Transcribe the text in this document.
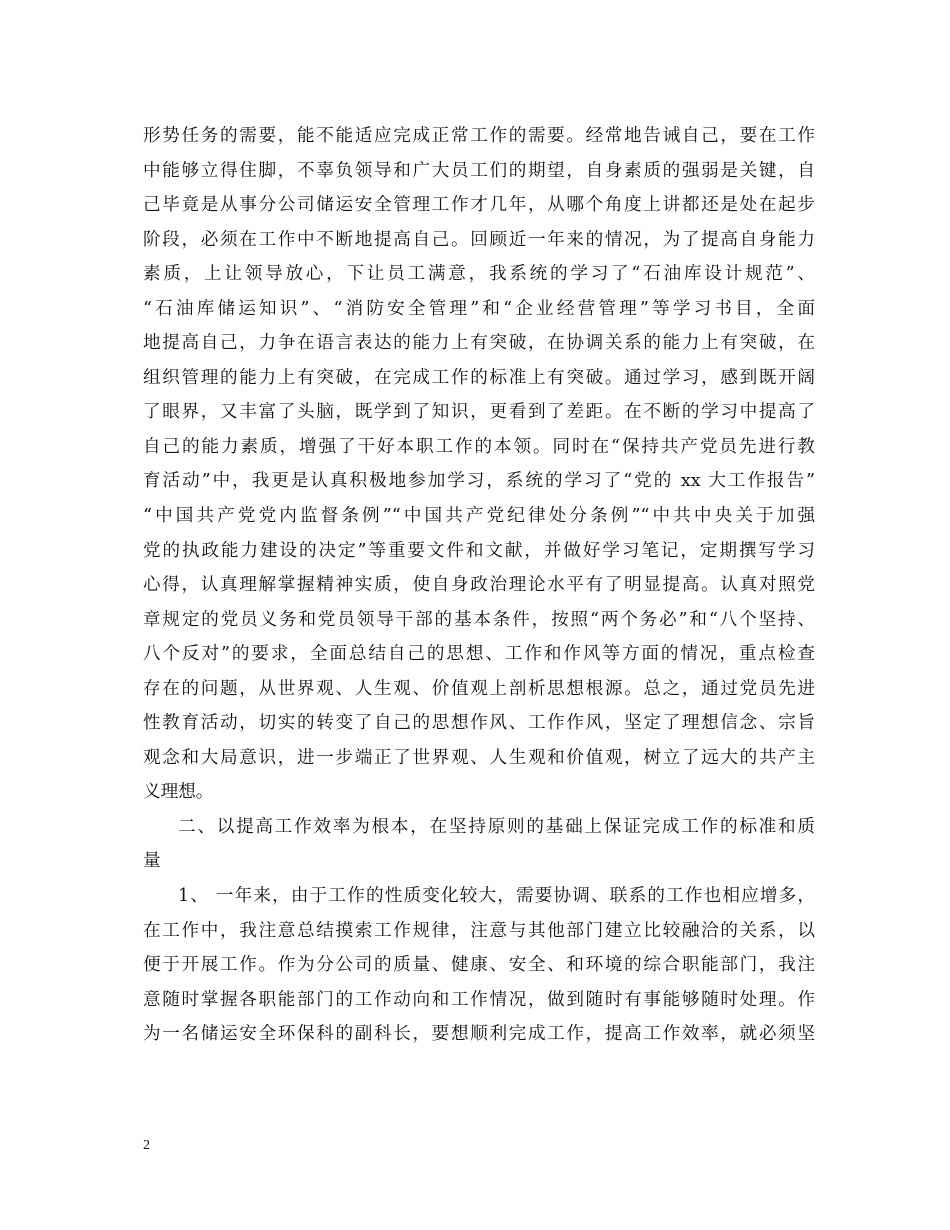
形势任务的需要，能不能适应完成正常工作的需要。经常地告诫自己，要在工作
中能够立得住脚，不辜负领导和广大员工们的期望，自身素质的强弱是关键，自
己毕竟是从事分公司储运安全管理工作才几年，从哪个角度上讲都还是处在起步
阶段，必须在工作中不断地提高自己。回顾近一年来的情况，为了提高自身能力
素质，上让领导放心，下让员工满意，我系统的学习了“石油库设计规范”、
“石油库储运知识”、“消防安全管理”和“企业经营管理”等学习书目，全面
地提高自己，力争在语言表达的能力上有突破，在协调关系的能力上有突破，在
组织管理的能力上有突破，在完成工作的标准上有突破。通过学习，感到既开阔
了眼界，又丰富了头脑，既学到了知识，更看到了差距。在不断的学习中提高了
自己的能力素质，增强了干好本职工作的本领。同时在“保持共产党员先进行教
育活动”中，我更是认真积极地参加学习，系统的学习了“党的 xx 大工作报告”
“中国共产党党内监督条例”“中国共产党纪律处分条例”“中共中央关于加强
党的执政能力建设的决定”等重要文件和文献，并做好学习笔记，定期撰写学习
心得，认真理解掌握精神实质，使自身政治理论水平有了明显提高。认真对照党
章规定的党员义务和党员领导干部的基本条件，按照“两个务必”和“八个坚持、
八个反对”的要求，全面总结自己的思想、工作和作风等方面的情况，重点检查
存在的问题，从世界观、人生观、价值观上剖析思想根源。总之，通过党员先进
性教育活动，切实的转变了自己的思想作风、工作作风，坚定了理想信念、宗旨
观念和大局意识，进一步端正了世界观、人生观和价值观，树立了远大的共产主
义理想。
二、以提高工作效率为根本，在坚持原则的基础上保证完成工作的标准和质
量
1、 一年来，由于工作的性质变化较大，需要协调、联系的工作也相应增多，
在工作中，我注意总结摸索工作规律，注意与其他部门建立比较融洽的关系，以
便于开展工作。作为分公司的质量、健康、安全、和环境的综合职能部门，我注
意随时掌握各职能部门的工作动向和工作情况，做到随时有事能够随时处理。作
为一名储运安全环保科的副科长，要想顺利完成工作，提高工作效率，就必须坚
2
